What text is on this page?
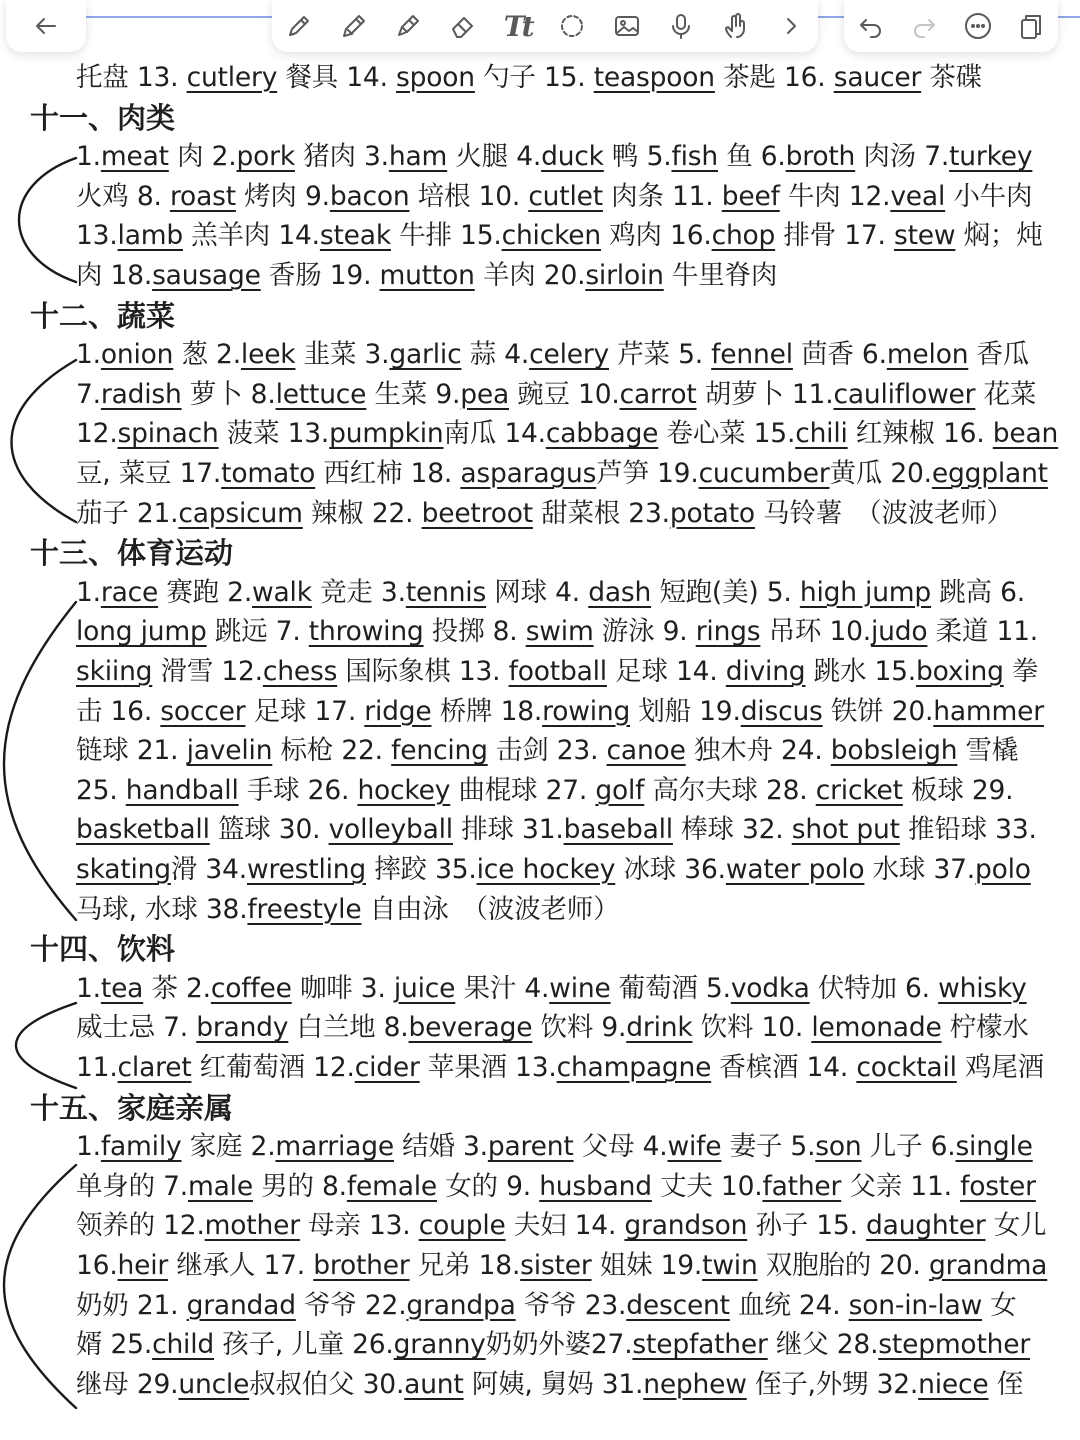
Tt
托盘 13. cutlery 餐具 14. spoon 勺子 15. teaspoon 茶匙 16. saucer 茶碟
十一、肉类
1.meat 肉 2.pork 猪肉 3.ham 火腿 4.duck 鸭 5.fish 鱼 6.broth 肉汤 7.turkey
火鸡 8. roast 烤肉 9.bacon 培根 10. cutlet 肉条 11. beef 牛肉 12.veal 小牛肉
13.lamb 羔羊肉 14.steak 牛排 15.chicken 鸡肉 16.chop 排骨 17. stew 焖；炖
肉 18.sausage 香肠 19. mutton 羊肉 20.sirloin 牛里脊肉
十二、蔬菜
1.onion 葱 2.leek 韭菜 3.garlic 蒜 4.celery 芹菜 5. fennel 茴香 6.melon 香瓜
7.radish 萝卜 8.lettuce 生菜 9.pea 豌豆 10.carrot 胡萝卜 11.cauliflower 花菜
12.spinach 菠菜 13.pumpkin南瓜 14.cabbage 卷心菜 15.chili 红辣椒 16. bean
豆, 菜豆 17.tomato 西红柿 18. asparagus芦笋 19.cucumber黄瓜 20.eggplant
茄子 21.capsicum 辣椒 22. beetroot 甜菜根 23.potato 马铃薯　（波波老师）
十三、体育运动
1.race 赛跑 2.walk 竞走 3.tennis 网球 4. dash 短跑(美) 5. high jump 跳高 6.
long jump 跳远 7. throwing 投掷 8. swim 游泳 9. rings 吊环 10.judo 柔道 11.
skiing 滑雪 12.chess 国际象棋 13. football 足球 14. diving 跳水 15.boxing 拳
击 16. soccer 足球 17. ridge 桥牌 18.rowing 划船 19.discus 铁饼 20.hammer
链球 21. javelin 标枪 22. fencing 击剑 23. canoe 独木舟 24. bobsleigh 雪橇
25. handball 手球 26. hockey 曲棍球 27. golf 高尔夫球 28. cricket 板球 29.
basketball 篮球 30. volleyball 排球 31.baseball 棒球 32. shot put 推铅球 33.
skating滑 34.wrestling 摔跤 35.ice hockey 冰球 36.water polo 水球 37.polo
马球, 水球 38.freestyle 自由泳　（波波老师）
十四、饮料
1.tea 茶 2.coffee 咖啡 3. juice 果汁 4.wine 葡萄酒 5.vodka 伏特加 6. whisky
威士忌 7. brandy 白兰地 8.beverage 饮料 9.drink 饮料 10. lemonade 柠檬水
11.claret 红葡萄酒 12.cider 苹果酒 13.champagne 香槟酒 14. cocktail 鸡尾酒
十五、家庭亲属
1.family 家庭 2.marriage 结婚 3.parent 父母 4.wife 妻子 5.son 儿子 6.single
单身的 7.male 男的 8.female 女的 9. husband 丈夫 10.father 父亲 11. foster
领养的 12.mother 母亲 13. couple 夫妇 14. grandson 孙子 15. daughter 女儿
16.heir 继承人 17. brother 兄弟 18.sister 姐妹 19.twin 双胞胎的 20. grandma
奶奶 21. grandad 爷爷 22.grandpa 爷爷 23.descent 血统 24. son-in-law 女
婿 25.child 孩子, 儿童 26.granny奶奶外婆27.stepfather 继父 28.stepmother
继母 29.uncle叔叔伯父 30.aunt 阿姨, 舅妈 31.nephew 侄子,外甥 32.niece 侄
